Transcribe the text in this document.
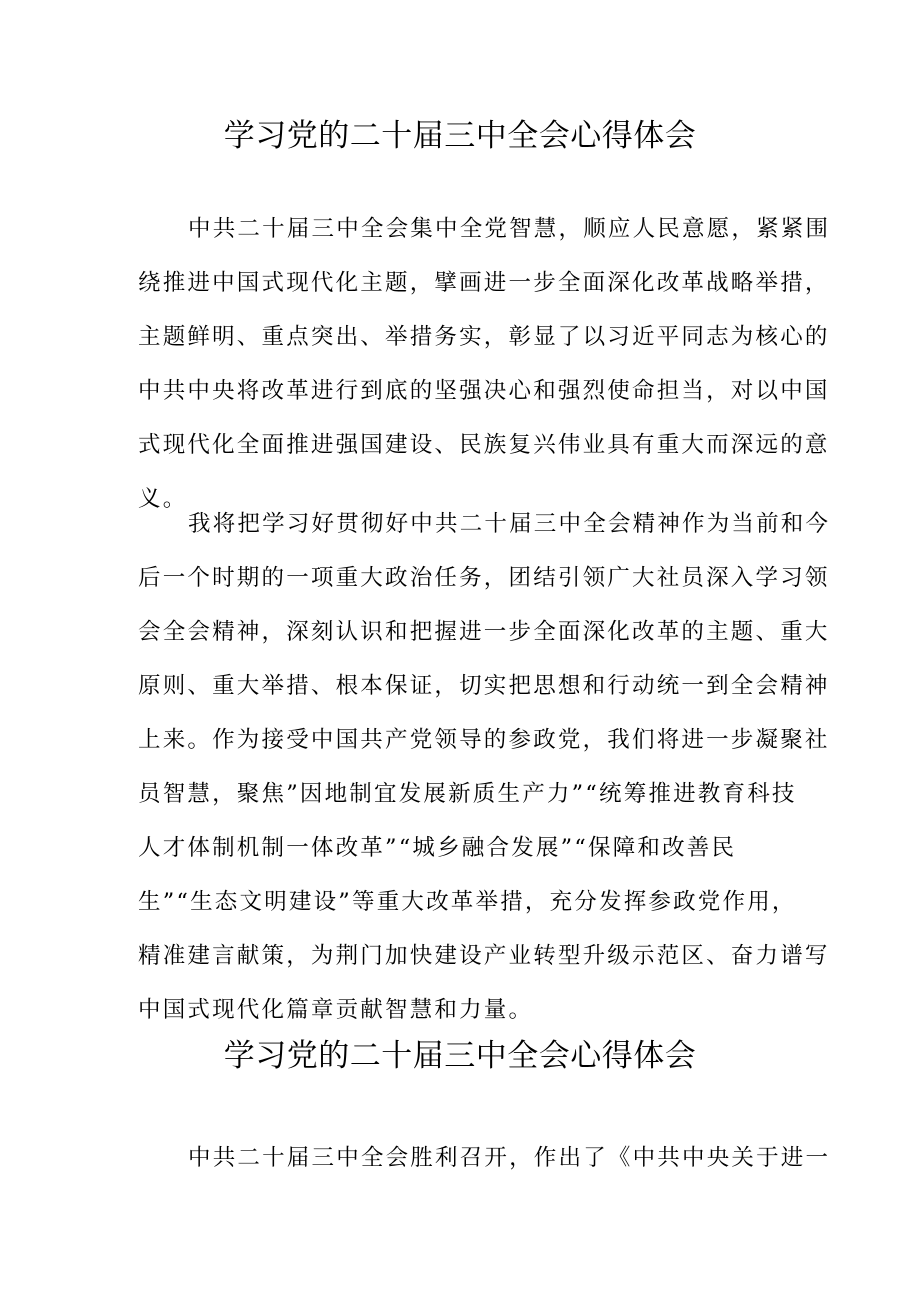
学习党的二十届三中全会心得体会
中共二十届三中全会集中全党智慧，顺应人民意愿，紧紧围
绕推进中国式现代化主题，擘画进一步全面深化改革战略举措，
主题鲜明、重点突出、举措务实，彰显了以习近平同志为核心的
中共中央将改革进行到底的坚强决心和强烈使命担当，对以中国
式现代化全面推进强国建设、民族复兴伟业具有重大而深远的意
义。
我将把学习好贯彻好中共二十届三中全会精神作为当前和今
后一个时期的一项重大政治任务，团结引领广大社员深入学习领
会全会精神，深刻认识和把握进一步全面深化改革的主题、重大
原则、重大举措、根本保证，切实把思想和行动统一到全会精神
上来。作为接受中国共产党领导的参政党，我们将进一步凝聚社
员智慧，聚焦”因地制宜发展新质生产力”“统筹推进教育科技
人才体制机制一体改革”“城乡融合发展”“保障和改善民
生”“生态文明建设”等重大改革举措，充分发挥参政党作用，
精准建言献策，为荆门加快建设产业转型升级示范区、奋力谱写
中国式现代化篇章贡献智慧和力量。
学习党的二十届三中全会心得体会
中共二十届三中全会胜利召开，作出了《中共中央关于进一
